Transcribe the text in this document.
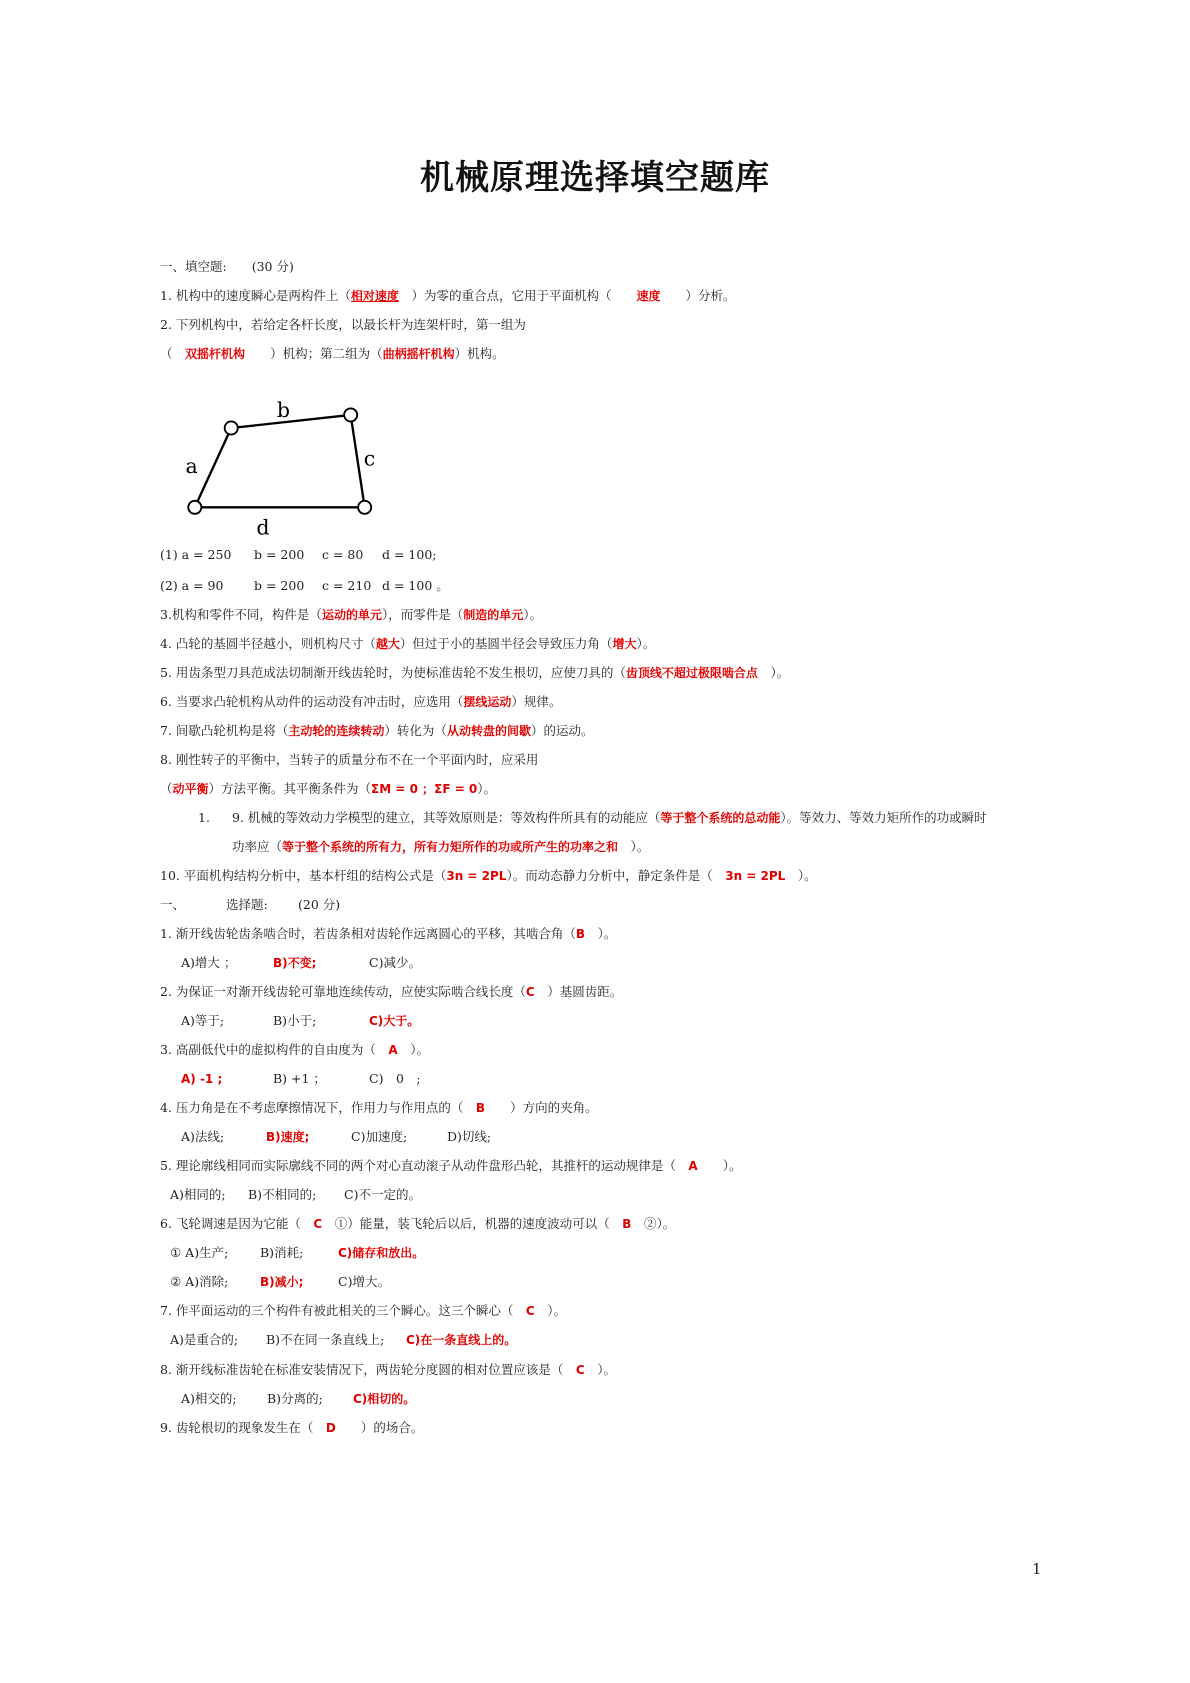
机械原理选择填空题库
一、填空题:　　(30 分)
1. 机构中的速度瞬心是两构件上（相对速度　 ）为零的重合点，它用于平面机构（　　 速度　　 ）分析。
2. 下列机构中，若给定各杆长度，以最长杆为连架杆时，第一组为
（　 双摇杆机构　　 ）机构；第二组为（曲柄摇杆机构）机构。
a
b
c
d
(1) a = 250 b = 200 c = 80 d = 100;
(2) a = 90 b = 200 c = 210 d = 100 。
3.机构和零件不同，构件是（运动的单元），而零件是（制造的单元）。
4. 凸轮的基圆半径越小，则机构尺寸（越大）但过于小的基圆半径会导致压力角（增大）。
5. 用齿条型刀具范成法切制渐开线齿轮时，为使标准齿轮不发生根切，应使刀具的（齿顶线不超过极限啮合点　 ）。
6. 当要求凸轮机构从动件的运动没有冲击时，应选用（摆线运动）规律。
7. 间歇凸轮机构是将（主动轮的连续转动）转化为（从动转盘的间歇）的运动。
8. 刚性转子的平衡中，当转子的质量分布不在一个平面内时，应采用
（动平衡）方法平衡。其平衡条件为（ΣM = 0 ；ΣF = 0）。
1. 9. 机械的等效动力学模型的建立，其等效原则是：等效构件所具有的动能应（等于整个系统的总动能）。等效力、等效力矩所作的功或瞬时
功率应（等于整个系统的所有力，所有力矩所作的功或所产生的功率之和　 ）。
10. 平面机构结构分析中，基本杆组的结构公式是（3n = 2PL）。而动态静力分析中，静定条件是（　 3n = 2PL　 ）。
一、	选择题: (20 分)
1. 渐开线齿轮齿条啮合时，若齿条相对齿轮作远离圆心的平移，其啮合角（B　 ）。
A)增大 ；	B)不变;	C)减少。
2. 为保证一对渐开线齿轮可靠地连续传动，应使实际啮合线长度（C　 ）基圆齿距。
A)等于;	B)小于;	C)大于。
3. 高副低代中的虚拟构件的自由度为（　 A　 ）。
A) -1 ;	B) +1 ；	C)　0　;
4. 压力角是在不考虑摩擦情况下，作用力与作用点的（　 B　　 ）方向的夹角。
A)法线;	B)速度;	C)加速度;	D)切线;
5. 理论廓线相同而实际廓线不同的两个对心直动滚子从动件盘形凸轮，其推杆的运动规律是（　 A　　 ）。
A)相同的; B)不相同的; C)不一定的。
6. 飞轮调速是因为它能（　 C　 ①）能量，装飞轮后以后，机器的速度波动可以（　 B　 ②）。
① A)生产;	B)消耗;	C)储存和放出。
② A)消除;	B)减小;	C)增大。
7. 作平面运动的三个构件有被此相关的三个瞬心。这三个瞬心（　 C　 ）。
A)是重合的; B)不在同一条直线上; C)在一条直线上的。
8. 渐开线标准齿轮在标准安装情况下，两齿轮分度圆的相对位置应该是（　 C　 ）。
A)相交的; B)分离的;	C)相切的。
9. 齿轮根切的现象发生在（　 D　　 ）的场合。
1
